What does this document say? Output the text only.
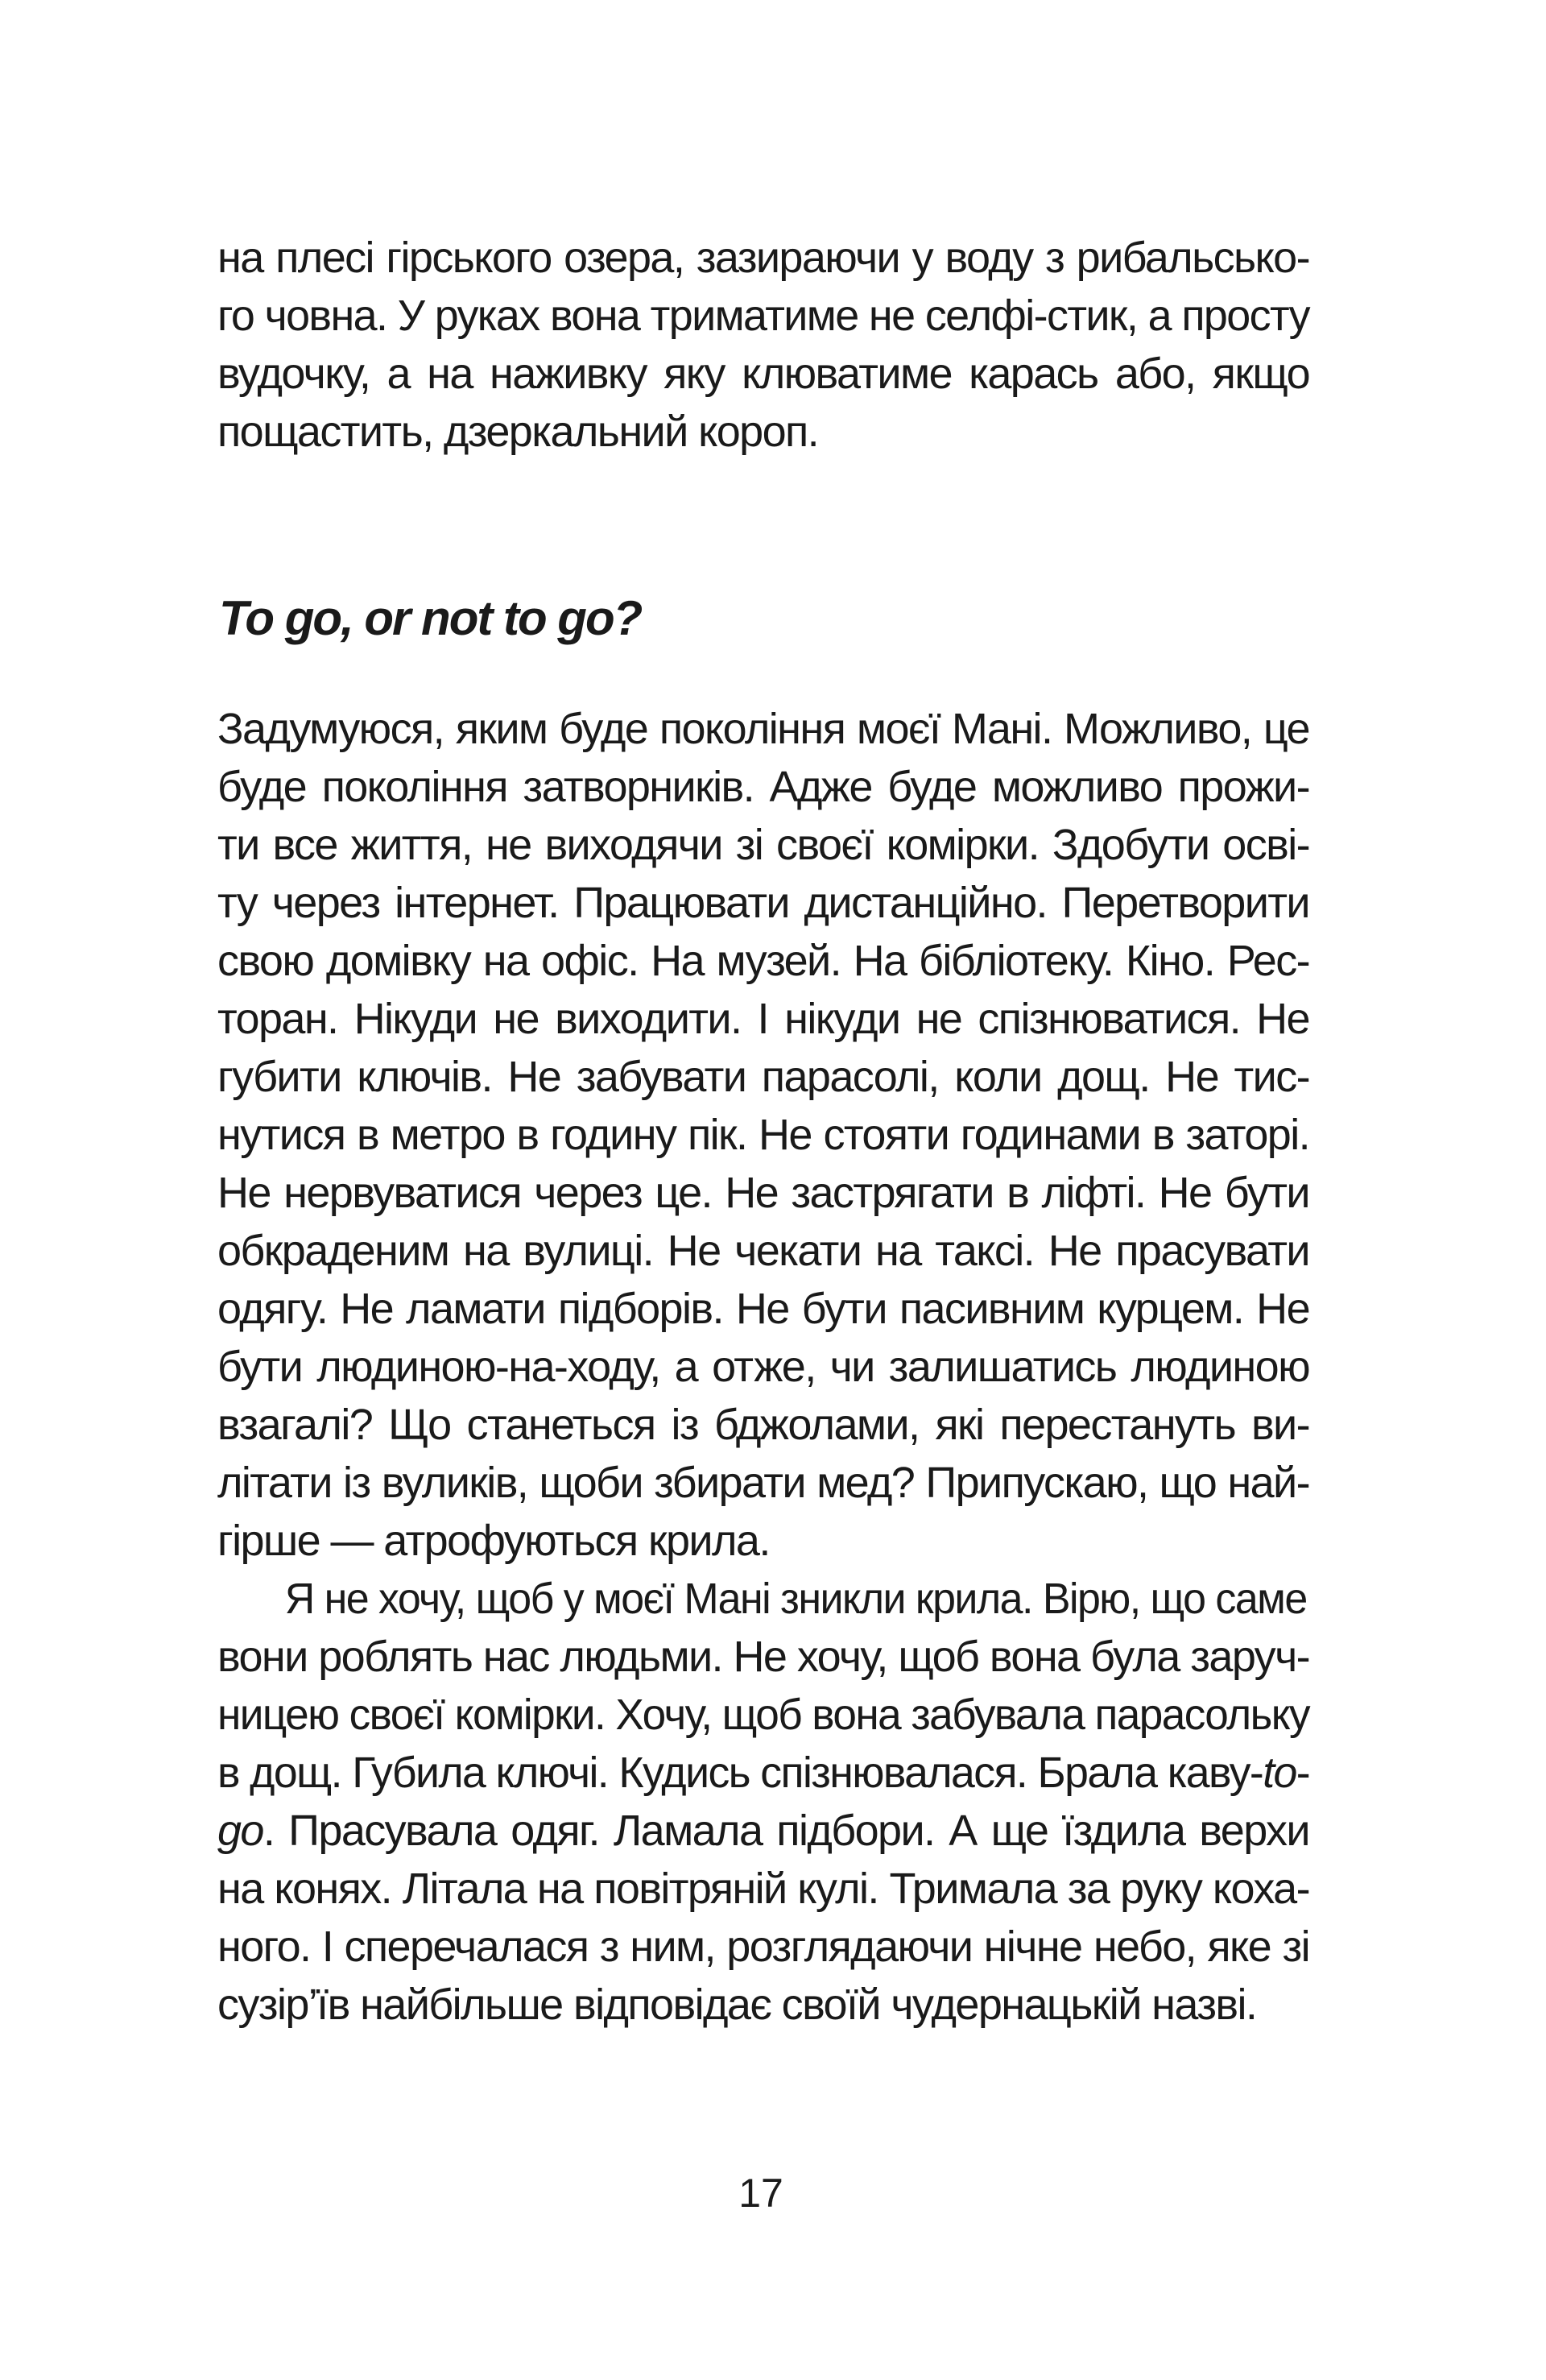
на плесі гірського озера, зазираючи у воду з рибальсько-
го човна. У руках вона триматиме не селфі-стик, а просту
вудочку, а на наживку яку клюватиме карась або, якщо
пощастить, дзеркальний короп.
To go, or not to go?
Задумуюся, яким буде покоління моєї Мані. Можливо, це
буде покоління затворників. Адже буде можливо прожи-
ти все життя, не виходячи зі своєї комірки. Здобути осві-
ту через інтернет. Працювати дистанційно. Перетворити
свою домівку на офіс. На музей. На бібліотеку. Кіно. Рес-
торан. Нікуди не виходити. І нікуди не спізнюватися. Не
губити ключів. Не забувати парасолі, коли дощ. Не тис-
нутися в метро в годину пік. Не стояти годинами в заторі.
Не нервуватися через це. Не застрягати в ліфті. Не бути
обкраденим на вулиці. Не чекати на таксі. Не прасувати
одягу. Не ламати підборів. Не бути пасивним курцем. Не
бути людиною-на-ходу, а отже, чи залишатись людиною
взагалі? Що станеться із бджолами, які перестануть ви-
літати із вуликів, щоби збирати мед? Припускаю, що най-
гірше — атрофуються крила.
Я не хочу, щоб у моєї Мані зникли крила. Вірю, що саме
вони роблять нас людьми. Не хочу, щоб вона була заруч-
ницею своєї комірки. Хочу, щоб вона забувала парасольку
в дощ. Губила ключі. Кудись спізнювалася. Брала каву-to-
go. Прасувала одяг. Ламала підбори. А ще їздила верхи
на конях. Літала на повітряній кулі. Тримала за руку коха-
ного. І сперечалася з ним, розглядаючи нічне небо, яке зі
сузір’їв найбільше відповідає своїй чудернацькій назві.
17
